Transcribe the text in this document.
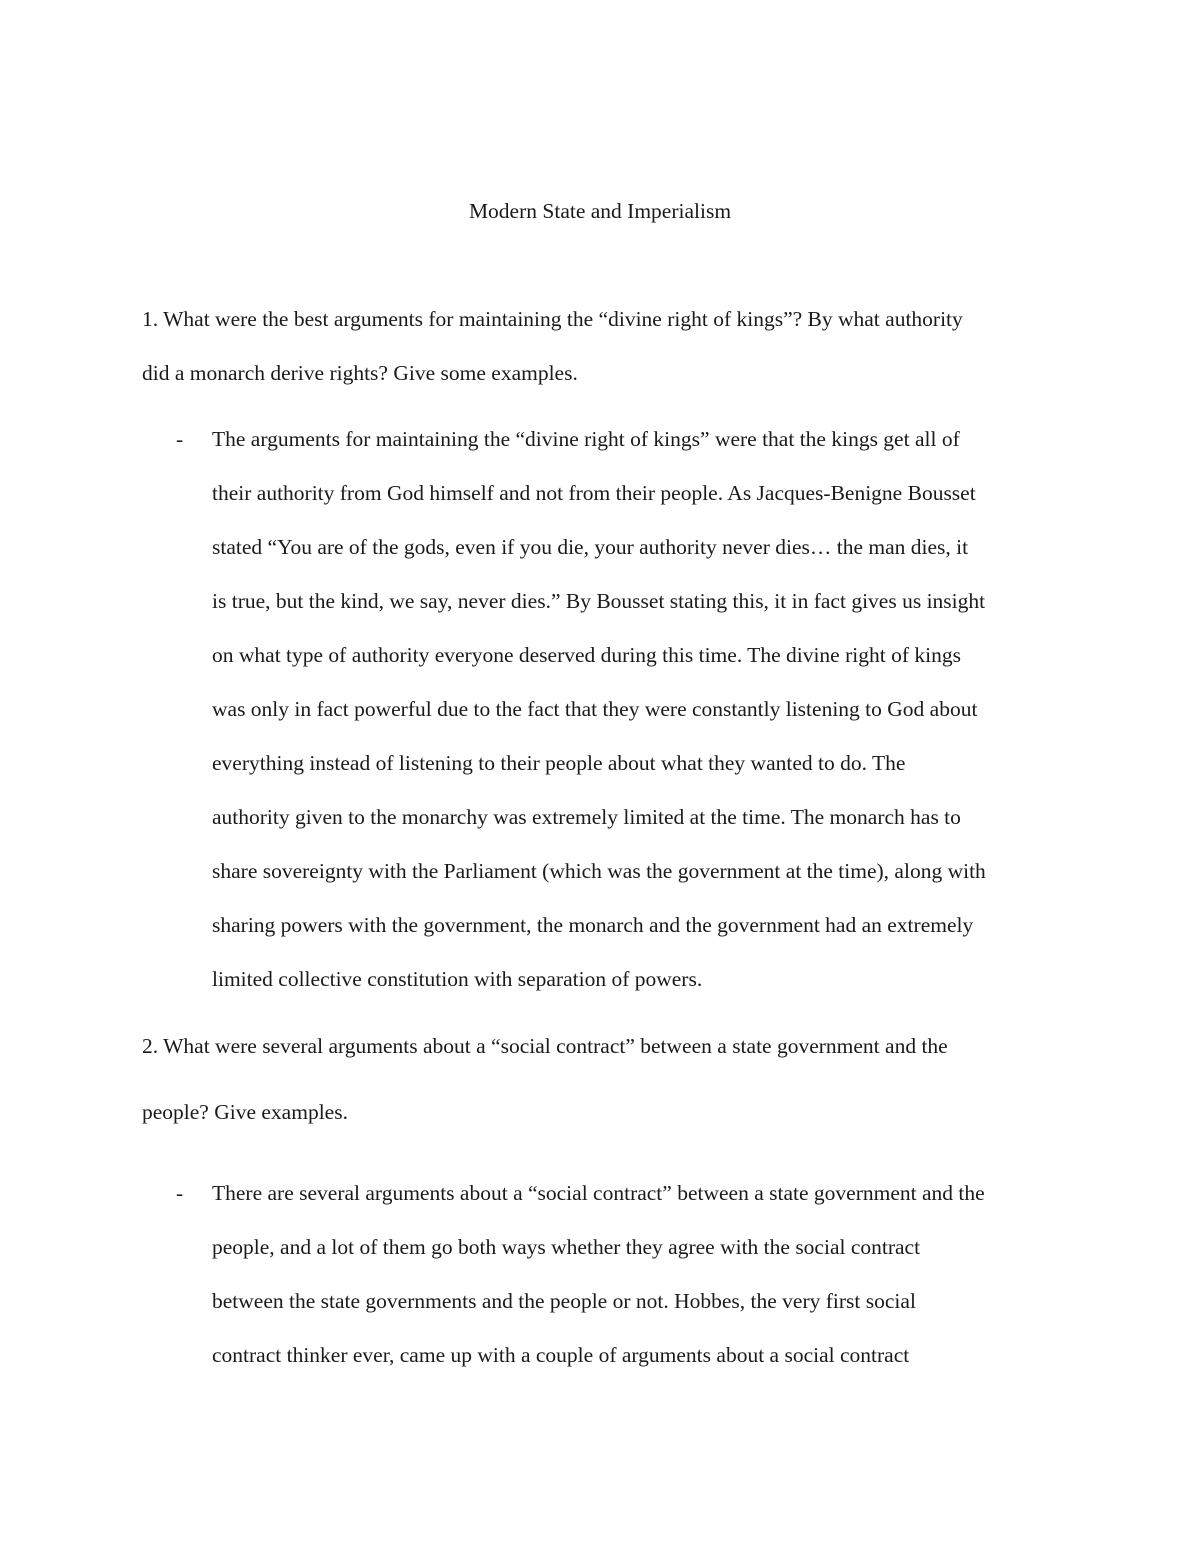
Modern State and Imperialism

1. What were the best arguments for maintaining the “divine right of kings”? By what authority

did a monarch derive rights? Give some examples.

- The arguments for maintaining the “divine right of kings” were that the kings get all of

their authority from God himself and not from their people. As Jacques-Benigne Bousset

stated “You are of the gods, even if you die, your authority never dies… the man dies, it

is true, but the kind, we say, never dies.” By Bousset stating this, it in fact gives us insight

on what type of authority everyone deserved during this time. The divine right of kings

was only in fact powerful due to the fact that they were constantly listening to God about

everything instead of listening to their people about what they wanted to do. The

authority given to the monarchy was extremely limited at the time. The monarch has to

share sovereignty with the Parliament (which was the government at the time), along with

sharing powers with the government, the monarch and the government had an extremely

limited collective constitution with separation of powers.

2. What were several arguments about a “social contract” between a state government and the

people? Give examples.

- There are several arguments about a “social contract” between a state government and the

people, and a lot of them go both ways whether they agree with the social contract

between the state governments and the people or not. Hobbes, the very first social

contract thinker ever, came up with a couple of arguments about a social contract
